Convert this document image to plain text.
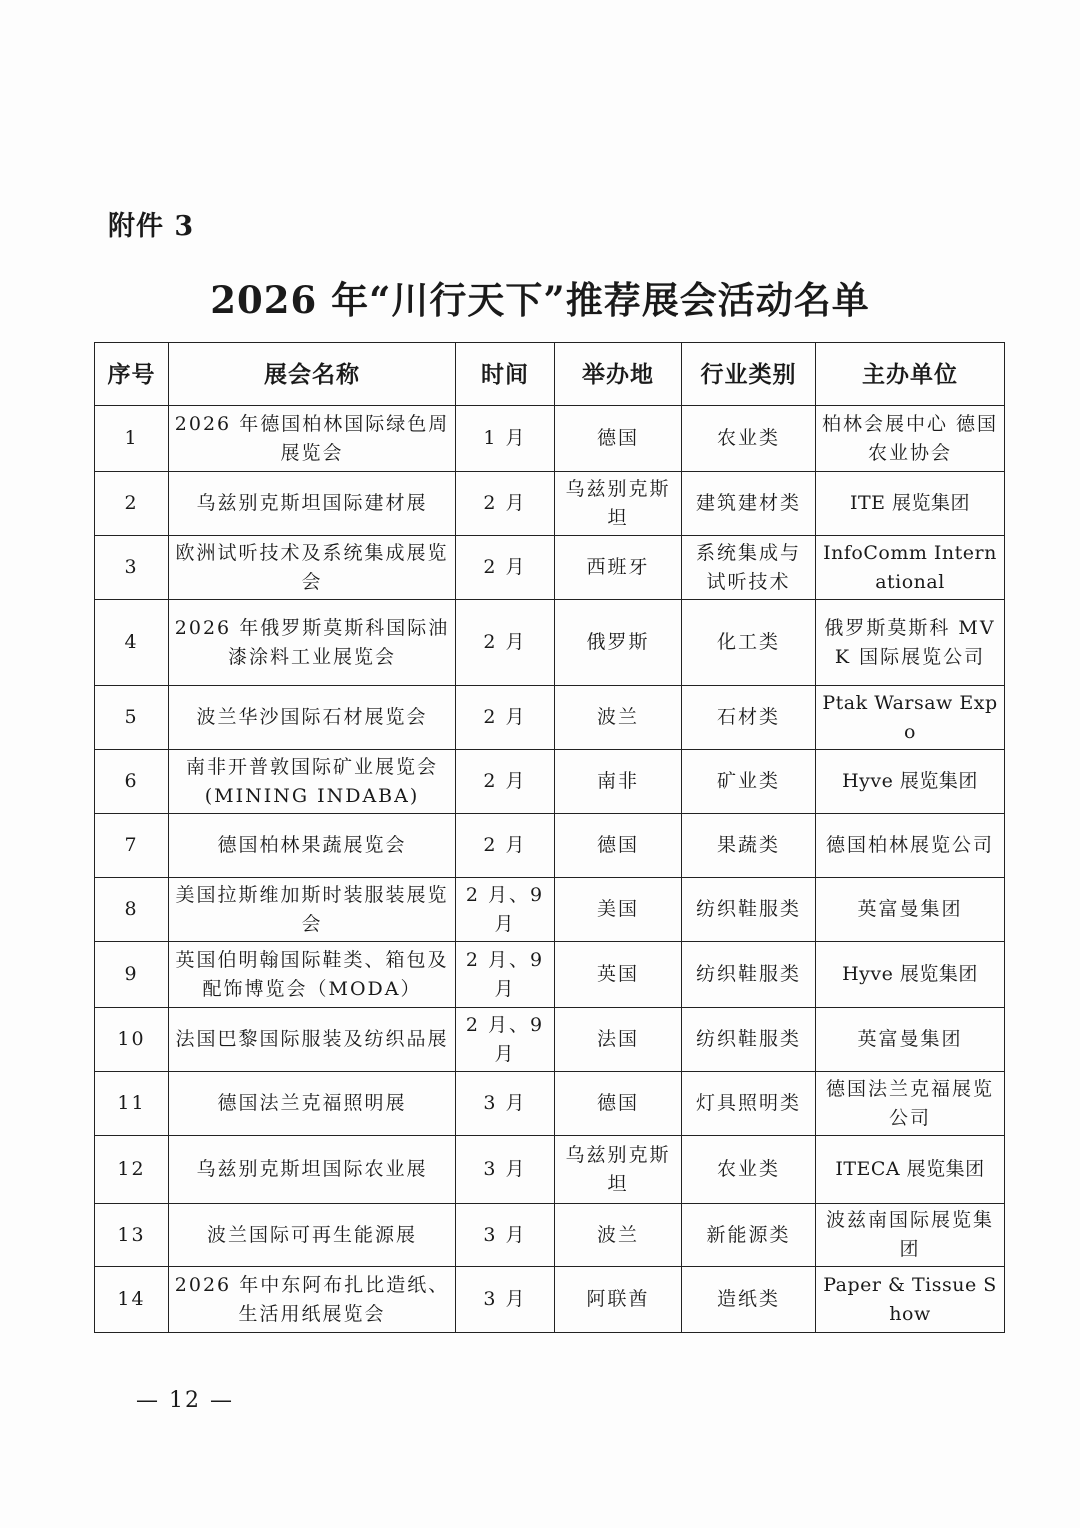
附件 3
2026 年“川行天下”推荐展会活动名单
序号	展会名称	时间	举办地	行业类别	主办单位
1	2026 年德国柏林国际绿色周展览会	1 月	德国	农业类	柏林会展中心 德国农业协会
2	乌兹别克斯坦国际建材展	2 月	乌兹别克斯坦	建筑建材类	ITE 展览集团
3	欧洲试听技术及系统集成展览会	2 月	西班牙	系统集成与试听技术	InfoComm International
4	2026 年俄罗斯莫斯科国际油漆涂料工业展览会	2 月	俄罗斯	化工类	俄罗斯莫斯科 MVK 国际展览公司
5	波兰华沙国际石材展览会	2 月	波兰	石材类	Ptak Warsaw Expo
6	南非开普敦国际矿业展览会 (MINING INDABA)	2 月	南非	矿业类	Hyve 展览集团
7	德国柏林果蔬展览会	2 月	德国	果蔬类	德国柏林展览公司
8	美国拉斯维加斯时装服装展览会	2 月、9 月	美国	纺织鞋服类	英富曼集团
9	英国伯明翰国际鞋类、箱包及配饰博览会（MODA）	2 月、9 月	英国	纺织鞋服类	Hyve 展览集团
10	法国巴黎国际服装及纺织品展	2 月、9 月	法国	纺织鞋服类	英富曼集团
11	德国法兰克福照明展	3 月	德国	灯具照明类	德国法兰克福展览公司
12	乌兹别克斯坦国际农业展	3 月	乌兹别克斯坦	农业类	ITECA 展览集团
13	波兰国际可再生能源展	3 月	波兰	新能源类	波兹南国际展览集团
14	2026 年中东阿布扎比造纸、生活用纸展览会	3 月	阿联酋	造纸类	Paper & Tissue Show
— 12 —
